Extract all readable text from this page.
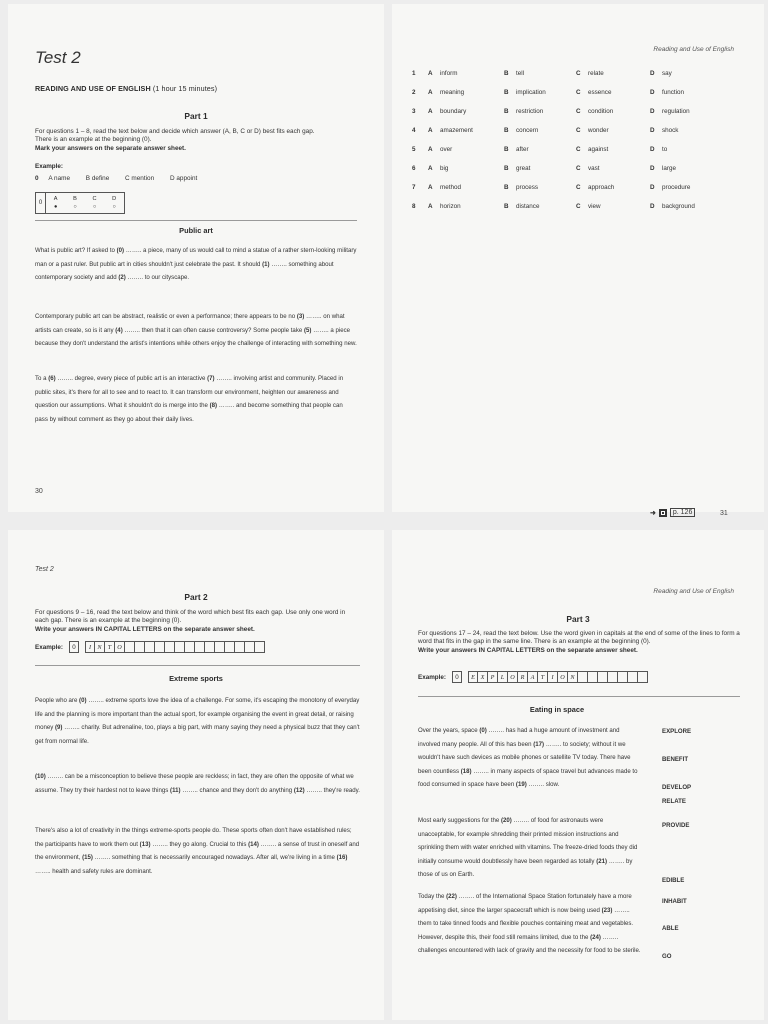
Test 2
READING AND USE OF ENGLISH (1 hour 15 minutes)
Part 1
For questions 1 – 8, read the text below and decide which answer (A, B, C or D) best fits each gap.
There is an example at the beginning (0).
Mark your answers on the separate answer sheet.
Example:
0 A name B define C mention D appoint
0
A
●
B
○
C
○
D
○
Public art
What is public art? If asked to (0) …….. a piece, many of us would call to mind a statue of a rather stern-looking military man or a past ruler. But public art in cities shouldn't just celebrate the past. It should (1) …….. something about contemporary society and add (2) …….. to our cityscape.
Contemporary public art can be abstract, realistic or even a performance; there appears to be no (3) …….. on what artists can create, so is it any (4) …….. then that it can often cause controversy? Some people take (5) …….. a piece because they don't understand the artist's intentions while others enjoy the challenge of interacting with something new.
To a (6) …….. degree, every piece of public art is an interactive (7) …….. involving artist and community. Placed in public sites, it's there for all to see and to react to. It can transform our environment, heighten our awareness and question our assumptions. What it shouldn't do is merge into the (8) …….. and become something that people can pass by without comment as they go about their daily lives.
30
Reading and Use of English
1 A inform	B tell	C relate	D say
2 A meaning	B implication	C essence	D function
3 A boundary	B restriction	C condition	D regulation
4 A amazement	B concern	C wonder	D shock
5 A over	B after	C against	D to
6 A big	B great	C vast	D large
7 A method	B process	C approach	D procedure
8 A horizon	B distance	C view	D background
➜	p. 126	31
Test 2
Part 2
For questions 9 – 16, read the text below and think of the word which best fits each gap. Use only one word in each gap. There is an example at the beginning (0).
Write your answers IN CAPITAL LETTERS on the separate answer sheet.
Example:	0	I	N	T O
Extreme sports
People who are (0) …….. extreme sports love the idea of a challenge. For some, it's escaping the monotony of everyday life and the planning is more important than the actual sport, for example organising the event in great detail, or raising money (9) …….. charity. But adrenaline, too, plays a big part, with many saying they need a physical buzz that they can't get from normal life.
(10) …….. can be a misconception to believe these people are reckless; in fact, they are often the opposite of what we assume. They try their hardest not to leave things (11) …….. chance and they don't do anything (12) …….. they're ready.
There's also a lot of creativity in the things extreme-sports people do. These sports often don't have established rules; the participants have to work them out (13) …….. they go along. Crucial to this (14) …….. a sense of trust in oneself and the environment, (15) …….. something that is necessarily encouraged nowadays. After all, we're living in a time (16) …….. health and safety rules are dominant.
Reading and Use of English
Part 3
For questions 17 – 24, read the text below. Use the word given in capitals at the end of some of the lines to form a word that fits in the gap in the same line. There is an example at the beginning (0).
Write your answers IN CAPITAL LETTERS on the separate answer sheet.
Example:	0	E X	P	L O R	A	T	I	O N
Eating in space
Over the years, space (0) …….. has had a huge amount of investment and involved many people. All of this has been (17) …….. to society; without it we wouldn't have such devices as mobile phones or satellite TV today. There have been countless (18) …….. in many aspects of space travel but advances made to food consumed in space have been (19) …….. slow.
Most early suggestions for the (20) …….. of food for astronauts were unacceptable, for example shredding their printed mission instructions and sprinkling them with water enriched with vitamins. The freeze-dried foods they did initially consume would doubtlessly have been regarded as totally (21) …….. by those of us on Earth.
Today the (22) …….. of the International Space Station fortunately have a more appetising diet, since the larger spacecraft which is now being used (23) …….. them to take tinned foods and flexible pouches containing meat and vegetables. However, despite this, their food still remains limited, due to the (24) …….. challenges encountered with lack of gravity and the necessity for food to be sterile.
EXPLORE
BENEFIT
DEVELOP
RELATE
PROVIDE
EDIBLE
INHABIT
ABLE
GO
